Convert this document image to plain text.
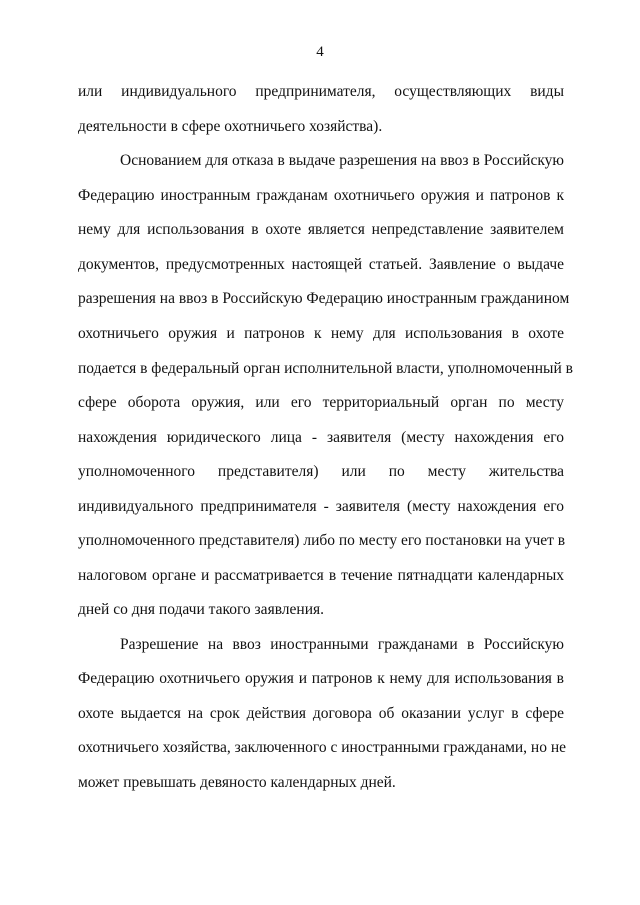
4
или индивидуального предпринимателя, осуществляющих виды
деятельности в сфере охотничьего хозяйства).
Основанием для отказа в выдаче разрешения на ввоз в Российскую
Федерацию иностранным гражданам охотничьего оружия и патронов к
нему для использования в охоте является непредставление заявителем
документов, предусмотренных настоящей статьей. Заявление о выдаче
разрешения на ввоз в Российскую Федерацию иностранным гражданином
охотничьего оружия и патронов к нему для использования в охоте
подается в федеральный орган исполнительной власти, уполномоченный в
сфере оборота оружия, или его территориальный орган по месту
нахождения юридического лица - заявителя (месту нахождения его
уполномоченного представителя) или по месту жительства
индивидуального предпринимателя - заявителя (месту нахождения его
уполномоченного представителя) либо по месту его постановки на учет в
налоговом органе и рассматривается в течение пятнадцати календарных
дней со дня подачи такого заявления.
Разрешение на ввоз иностранными гражданами в Российскую
Федерацию охотничьего оружия и патронов к нему для использования в
охоте выдается на срок действия договора об оказании услуг в сфере
охотничьего хозяйства, заключенного с иностранными гражданами, но не
может превышать девяносто календарных дней.
